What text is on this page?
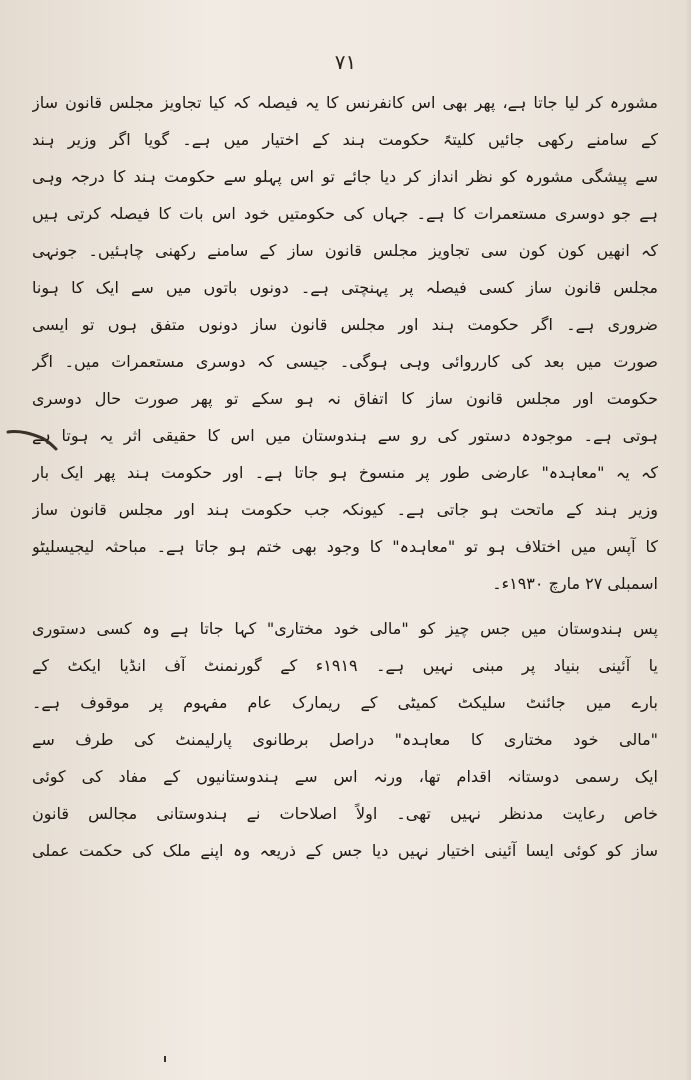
۷۱
مشورہ کر لیا جاتا ہے، پھر بھی اس کانفرنس کا یہ فیصلہ کہ کیا تجاویز مجلس قانون ساز
کے سامنے رکھی جائیں کلیتہً حکومت ہند کے اختیار میں ہے۔ گویا اگر وزیر ہند
سے پیشگی مشورہ کو نظر انداز کر دیا جائے تو اس پہلو سے حکومت ہند کا درجہ وہی
ہے جو دوسری مستعمرات کا ہے۔ جہاں کی حکومتیں خود اس بات کا فیصلہ کرتی ہیں
کہ انھیں کون کون سی تجاویز مجلس قانون ساز کے سامنے رکھنی چاہئیں۔ جونہی
مجلس قانون ساز کسی فیصلہ پر پہنچتی ہے۔ دونوں باتوں میں سے ایک کا ہونا
ضروری ہے۔ اگر حکومت ہند اور مجلس قانون ساز دونوں متفق ہوں تو ایسی
صورت میں بعد کی کارروائی وہی ہوگی۔ جیسی کہ دوسری مستعمرات میں۔ اگر
حکومت اور مجلس قانون ساز کا اتفاق نہ ہو سکے تو پھر صورت حال دوسری
ہوتی ہے۔ موجودہ دستور کی رو سے ہندوستان میں اس کا حقیقی اثر یہ ہوتا ہے
کہ یہ "معاہدہ" عارضی طور پر منسوخ ہو جاتا ہے۔ اور حکومت ہند پھر ایک بار
وزیر ہند کے ماتحت ہو جاتی ہے۔ کیونکہ جب حکومت ہند اور مجلس قانون ساز
کا آپس میں اختلاف ہو تو "معاہدہ" کا وجود بھی ختم ہو جاتا ہے۔ مباحثہ لیجیسلیٹو
اسمبلی ۲۷ مارچ ۱۹۳۰ء۔
پس ہندوستان میں جس چیز کو "مالی خود مختاری" کہا جاتا ہے وہ کسی دستوری
یا آئینی بنیاد پر مبنی نہیں ہے۔ ۱۹۱۹ء کے گورنمنٹ آف انڈیا ایکٹ کے
بارے میں جائنٹ سلیکٹ کمیٹی کے ریمارک عام مفہوم پر موقوف ہے۔
"مالی خود مختاری کا معاہدہ" دراصل برطانوی پارلیمنٹ کی طرف سے
ایک رسمی دوستانہ اقدام تھا، ورنہ اس سے ہندوستانیوں کے مفاد کی کوئی
خاص رعایت مدنظر نہیں تھی۔ اولاً اصلاحات نے ہندوستانی مجالس قانون
ساز کو کوئی ایسا آئینی اختیار نہیں دیا جس کے ذریعہ وہ اپنے ملک کی حکمت عملی
